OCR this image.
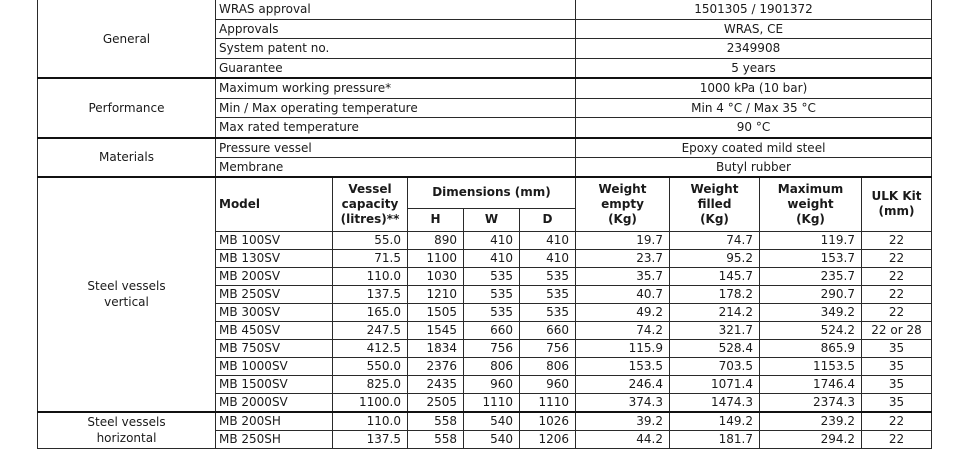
General	WRAS approval					1501305 / 1901372			
	Approvals					WRAS, CE			
	System patent no.					2349908			
	Guarantee					5 years			
Performance	Maximum working pressure*					1000 kPa (10 bar)			
	Min / Max operating temperature					Min 4 °C / Max 35 °C			
	Max rated temperature					90 °C			
Materials	Pressure vessel					Epoxy coated mild steel			
	Membrane					Butyl rubber			
Steel vessels vertical	Model	Vessel capacity (litres)**	Dimensions (mm)			Weight empty (Kg)	Weight filled (Kg)	Maximum weight (Kg)	ULK Kit (mm)
			H	W	D				
	MB 100SV	55.0	890	410	410	19.7	74.7	119.7	22
	MB 130SV	71.5	1100	410	410	23.7	95.2	153.7	22
	MB 200SV	110.0	1030	535	535	35.7	145.7	235.7	22
	MB 250SV	137.5	1210	535	535	40.7	178.2	290.7	22
	MB 300SV	165.0	1505	535	535	49.2	214.2	349.2	22
	MB 450SV	247.5	1545	660	660	74.2	321.7	524.2	22 or 28
	MB 750SV	412.5	1834	756	756	115.9	528.4	865.9	35
	MB 1000SV	550.0	2376	806	806	153.5	703.5	1153.5	35
	MB 1500SV	825.0	2435	960	960	246.4	1071.4	1746.4	35
	MB 2000SV	1100.0	2505	1110	1110	374.3	1474.3	2374.3	35
Steel vessels horizontal	MB 200SH	110.0	558	540	1026	39.2	149.2	239.2	22
	MB 250SH	137.5	558	540	1206	44.2	181.7	294.2	22
